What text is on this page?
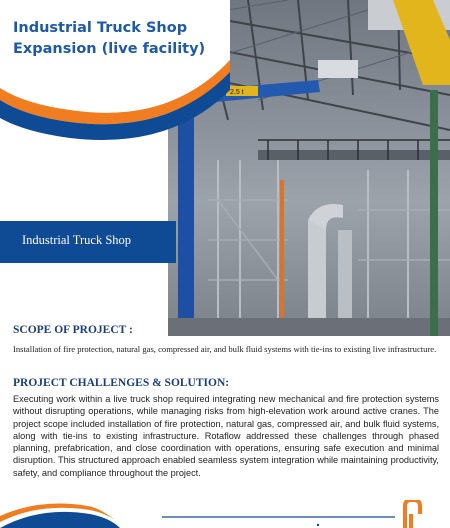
2.5 t
Industrial Truck Shop Expansion (live facility)
Industrial Truck Shop
SCOPE OF PROJECT :
Installation of fire protection, natural gas, compressed air, and bulk fluid systems with tie-ins to existing live infrastructure.
PROJECT CHALLENGES & SOLUTION:
Executing work within a live truck shop required integrating new mechanical and fire protection systems without disrupting operations, while managing risks from high-elevation work around active cranes. The project scope included installation of fire protection, natural gas, compressed air, and bulk fluid systems, along with tie-ins to existing infrastructure. Rotaflow addressed these challenges through phased planning, prefabrication, and close coordination with operations, ensuring safe execution and minimal disruption. This structured approach enabled seamless system integration while maintaining productivity, safety, and compliance throughout the project.
